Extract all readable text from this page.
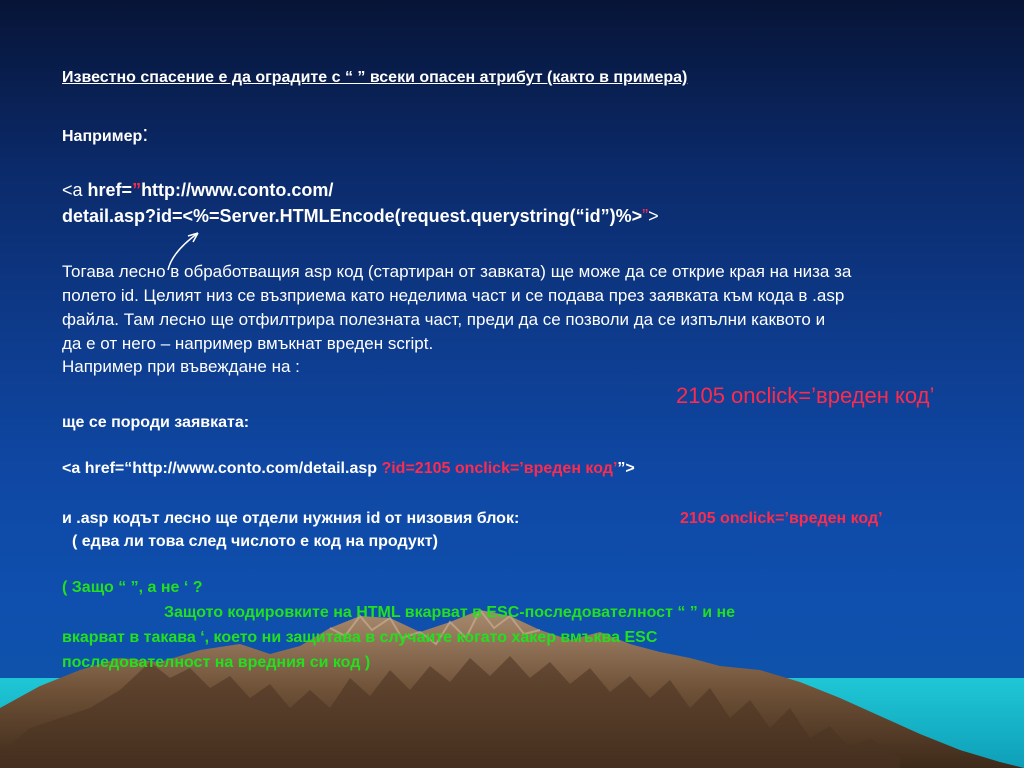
Известно спасение е да оградите с “ ” всеки опасен атрибут (както в примера)
Например:
<a href=”http://www.conto.com/
detail.asp?id=<%=Server.HTMLEncode(request.querystring(“id”)%>”>
Тогава лесно в обработващия asp код (стартиран от завката) ще може да се открие края на низа за
полето id. Целият низ се възприема като неделима част и се подава през заявката към кода в .asp
файла. Там лесно ще отфилтрира полезната част, преди да се позволи да се изпълни каквото и
да е от него – например вмъкнат вреден script.
Например при въвеждане на :
2105 onclick=’вреден код’
ще се породи заявката:
<a href=“http://www.conto.com/detail.asp ?id=2105 onclick=’вреден код’”>
и .asp кодът лесно ще отдели нужния id от низовия блок:	2105 onclick=’вреден код’
( едва ли това след числото е код на продукт)
( Защо “ ”, а не ‘ ?
Защото кодировките на HTML вкарват в ESC-последователност “ ” и не
вкарват в такава ‘, което ни защитава в случаите когато хакер вмъква ESC
последователност на вредния си код )
